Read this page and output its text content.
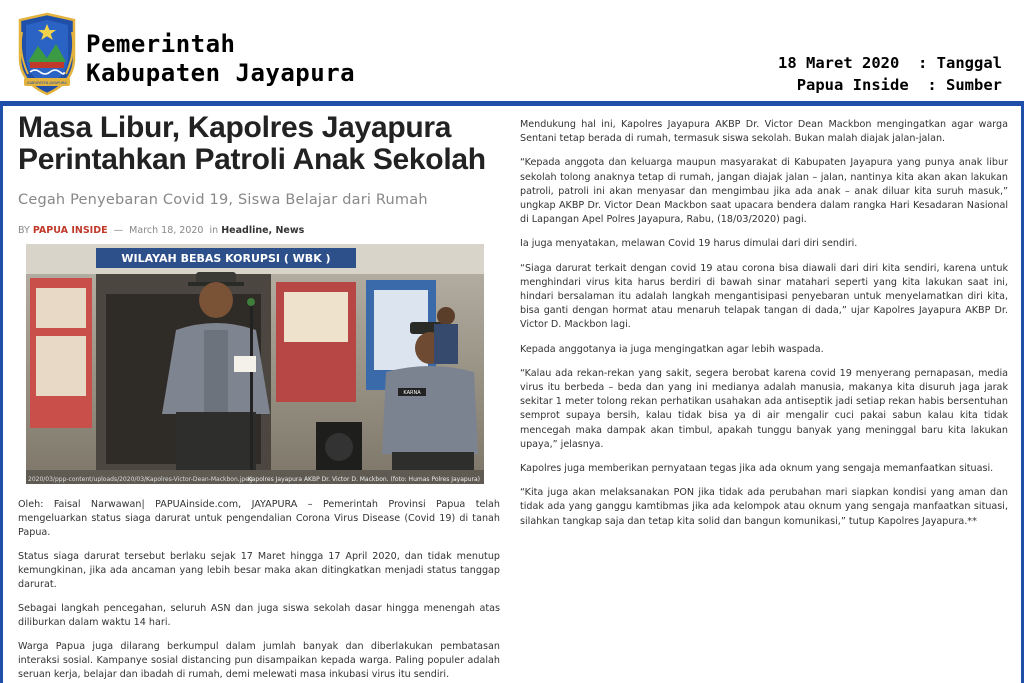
KABUPATEN JAYAPURA
Pemerintah
Kabupaten Jayapura	18 Maret 2020 : Tanggal
Papua Inside : Sumber
Masa Libur, Kapolres Jayapura Perintahkan Patroli Anak Sekolah
Cegah Penyebaran Covid 19, Siswa Belajar dari Rumah
BY PAPUA INSIDE — March 18, 2020 in Headline, News
WILAYAH BEBAS KORUPSI ( WBK )
KARNA
2020/03/ppp-content/uploads/2020/03/Kapolres-Victor-Dean-Mackbon.jpeg
Kapolres Jayapura AKBP Dr. Victor D. Mackbon. (foto: Humas Polres Jayapura)

Oleh: Faisal Narwawan| PAPUAinside.com, JAYAPURA – Pemerintah Provinsi Papua telah mengeluarkan status siaga darurat untuk pengendalian Corona Virus Disease (Covid 19) di tanah Papua.

Status siaga darurat tersebut berlaku sejak 17 Maret hingga 17 April 2020, dan tidak menutup kemungkinan, jika ada ancaman yang lebih besar maka akan ditingkatkan menjadi status tanggap darurat.

Sebagai langkah pencegahan, seluruh ASN dan juga siswa sekolah dasar hingga menengah atas diliburkan dalam waktu 14 hari.

Warga Papua juga dilarang berkumpul dalam jumlah banyak dan diberlakukan pembatasan interaksi sosial. Kampanye sosial distancing pun disampaikan kepada warga. Paling populer adalah seruan kerja, belajar dan ibadah di rumah, demi melewati masa inkubasi virus itu sendiri.

Mendukung hal ini, Kapolres Jayapura AKBP Dr. Victor Dean Mackbon mengingatkan agar warga Sentani tetap berada di rumah, termasuk siswa sekolah. Bukan malah diajak jalan-jalan.

“Kepada anggota dan keluarga maupun masyarakat di Kabupaten Jayapura yang punya anak libur sekolah tolong anaknya tetap di rumah, jangan diajak jalan – jalan, nantinya kita akan akan lakukan patroli, patroli ini akan menyasar dan mengimbau jika ada anak – anak diluar kita suruh masuk,” ungkap AKBP Dr. Victor Dean Mackbon saat upacara bendera dalam rangka Hari Kesadaran Nasional di Lapangan Apel Polres Jayapura, Rabu, (18/03/2020) pagi.

Ia juga menyatakan, melawan Covid 19 harus dimulai dari diri sendiri.

“Siaga darurat terkait dengan covid 19 atau corona bisa diawali dari diri kita sendiri, karena untuk menghindari virus kita harus berdiri di bawah sinar matahari seperti yang kita lakukan saat ini, hindari bersalaman itu adalah langkah mengantisipasi penyebaran untuk menyelamatkan diri kita, bisa ganti dengan hormat atau menaruh telapak tangan di dada,” ujar Kapolres Jayapura AKBP Dr. Victor D. Mackbon lagi.

Kepada anggotanya ia juga mengingatkan agar lebih waspada.

“Kalau ada rekan-rekan yang sakit, segera berobat karena covid 19 menyerang pernapasan, media virus itu berbeda – beda dan yang ini medianya adalah manusia, makanya kita disuruh jaga jarak sekitar 1 meter tolong rekan perhatikan usahakan ada antiseptik jadi setiap rekan habis bersentuhan semprot supaya bersih, kalau tidak bisa ya di air mengalir cuci pakai sabun kalau kita tidak mencegah maka dampak akan timbul, apakah tunggu banyak yang meninggal baru kita lakukan upaya,” jelasnya.

Kapolres juga memberikan pernyataan tegas jika ada oknum yang sengaja memanfaatkan situasi.

“Kita juga akan melaksanakan PON jika tidak ada perubahan mari siapkan kondisi yang aman dan tidak ada yang ganggu kamtibmas jika ada kelompok atau oknum yang sengaja manfaatkan situasi, silahkan tangkap saja dan tetap kita solid dan bangun komunikasi,” tutup Kapolres Jayapura.**
